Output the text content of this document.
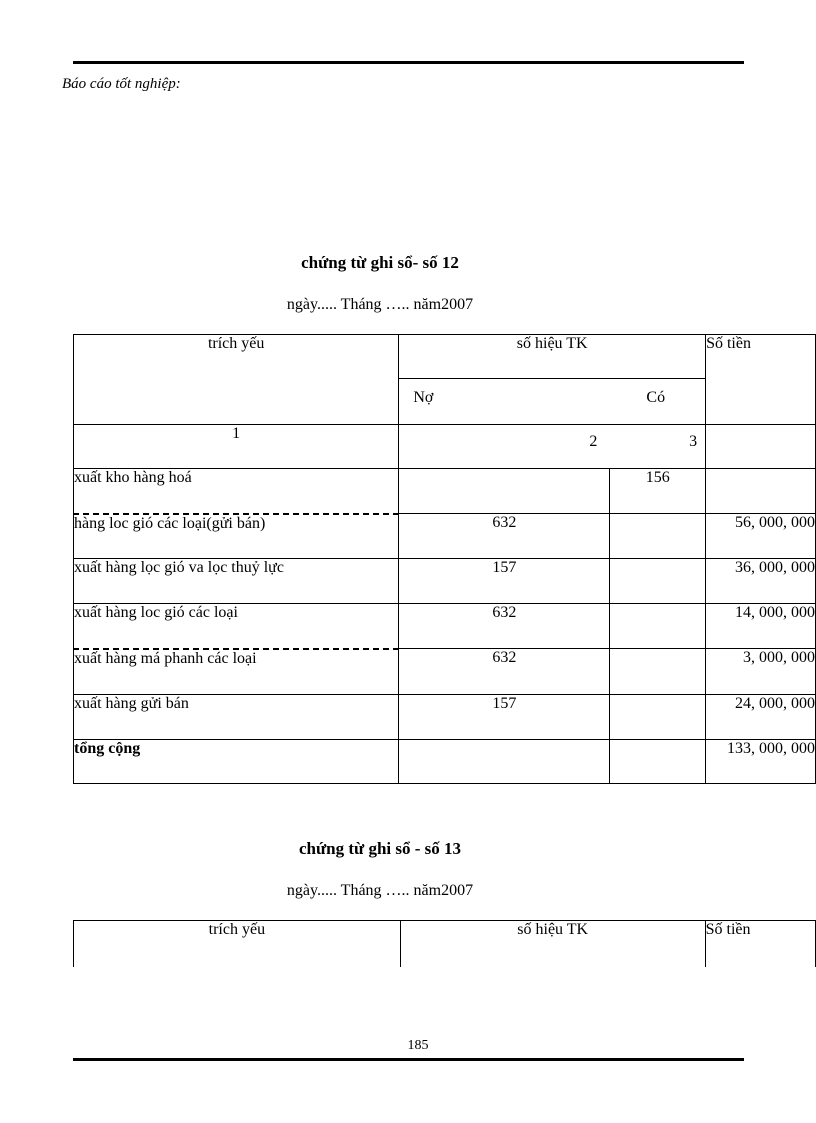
Báo cáo tốt nghiệp:
chứng từ ghi sổ- số 12
ngày..... Tháng ….. năm2007
trích yếu	số hiệu TK		Số tiền

	Nợ Có		

1	2 3		

xuất kho hàng hoá		156	
hàng loc gió các loại(gửi bán)	632		56, 000, 000
xuất hàng lọc gió va lọc thuỷ lực	157		36, 000, 000
xuất hàng loc gió các loại	632		14, 000, 000
xuất hàng má phanh các loại	632		3, 000, 000
xuất hàng gửi bán	157		24, 000, 000
tổng cộng			133, 000, 000
chứng từ ghi sổ - số 13
ngày..... Tháng ….. năm2007
trích yếu	số hiệu TK	Số tiền
185
